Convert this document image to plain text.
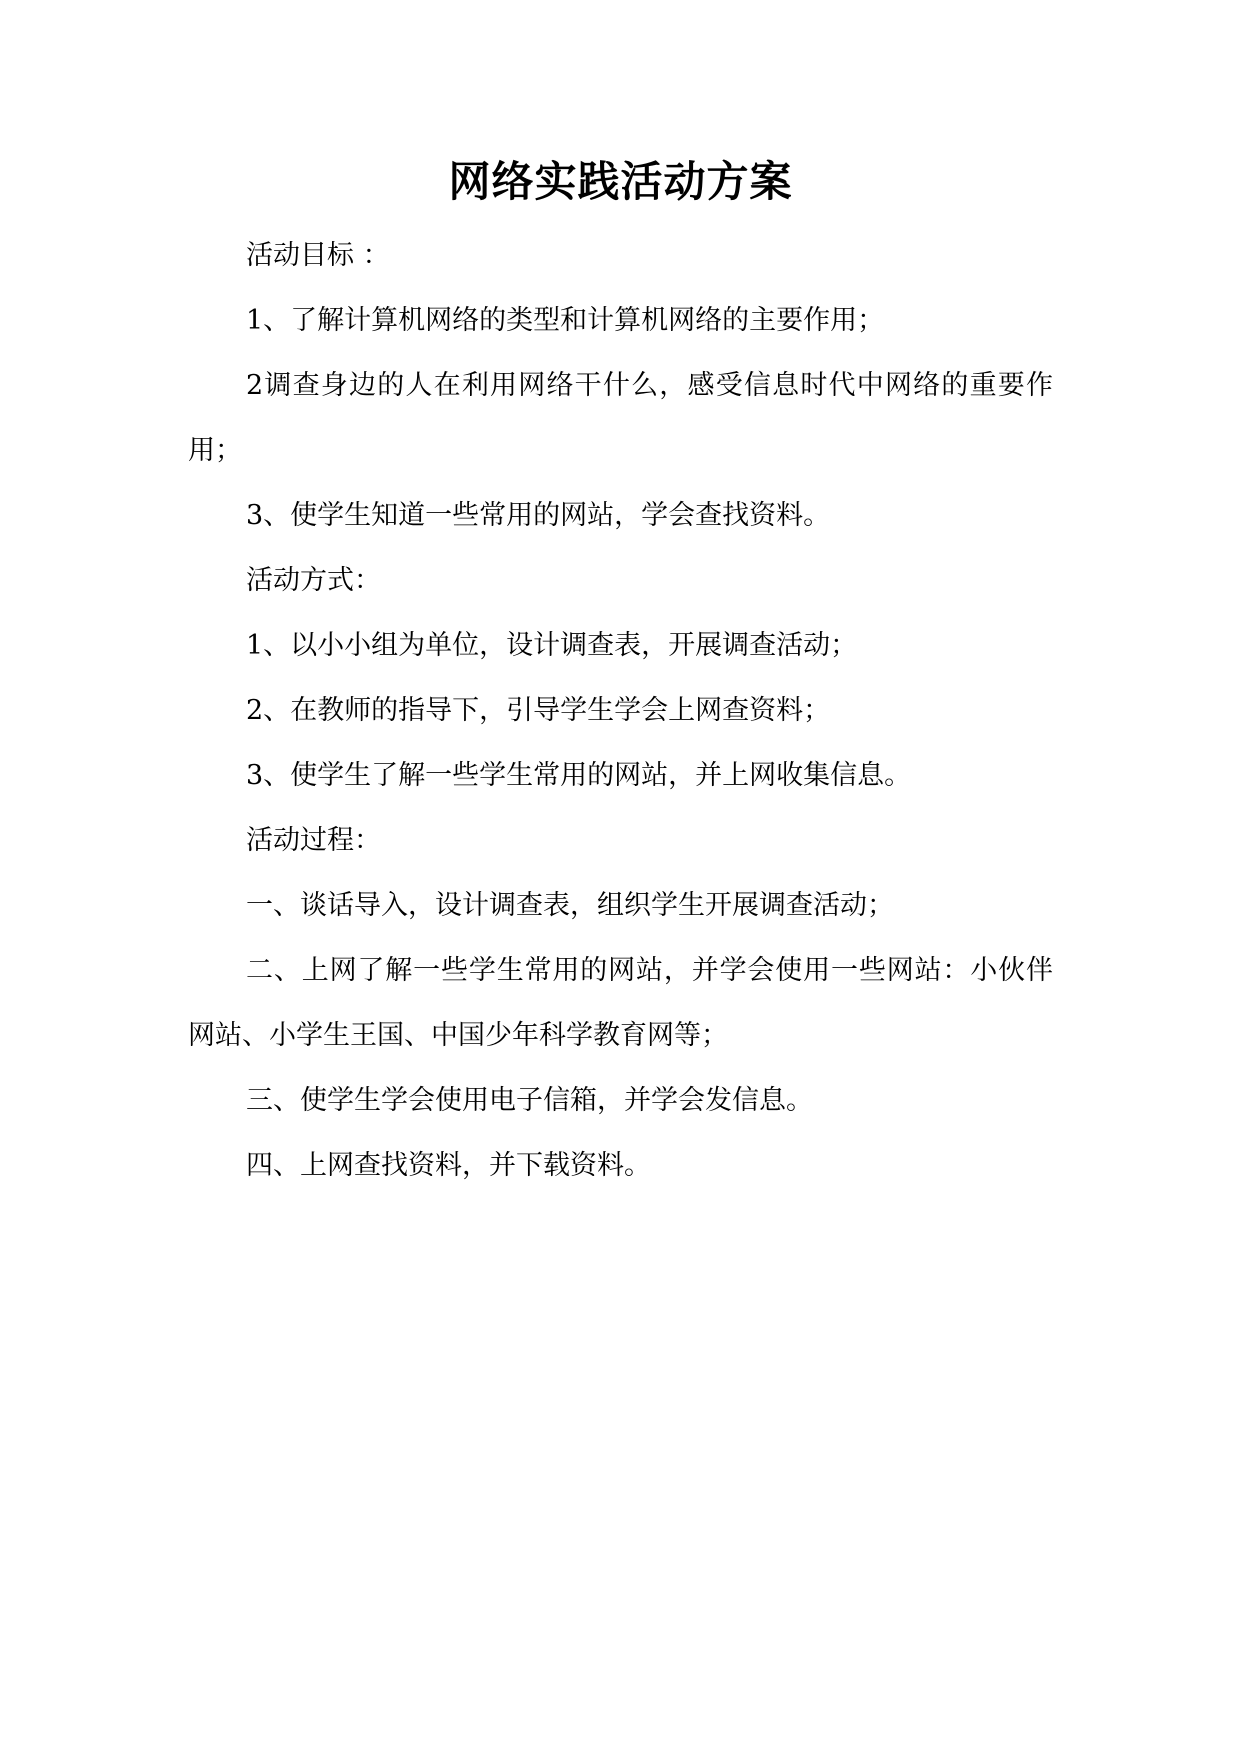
网络实践活动方案

活动目标 ：

1、了解计算机网络的类型和计算机网络的主要作用；

2调查身边的人在利用网络干什么，感受信息时代中网络的重要作用；

3、使学生知道一些常用的网站，学会查找资料。

活动方式：

1、以小小组为单位，设计调查表，开展调查活动；

2、在教师的指导下，引导学生学会上网查资料；

3、使学生了解一些学生常用的网站，并上网收集信息。

活动过程：

一、谈话导入，设计调查表，组织学生开展调查活动；

二、上网了解一些学生常用的网站，并学会使用一些网站：小伙伴网站、小学生王国、中国少年科学教育网等；

三、使学生学会使用电子信箱，并学会发信息。

四、上网查找资料，并下载资料。
